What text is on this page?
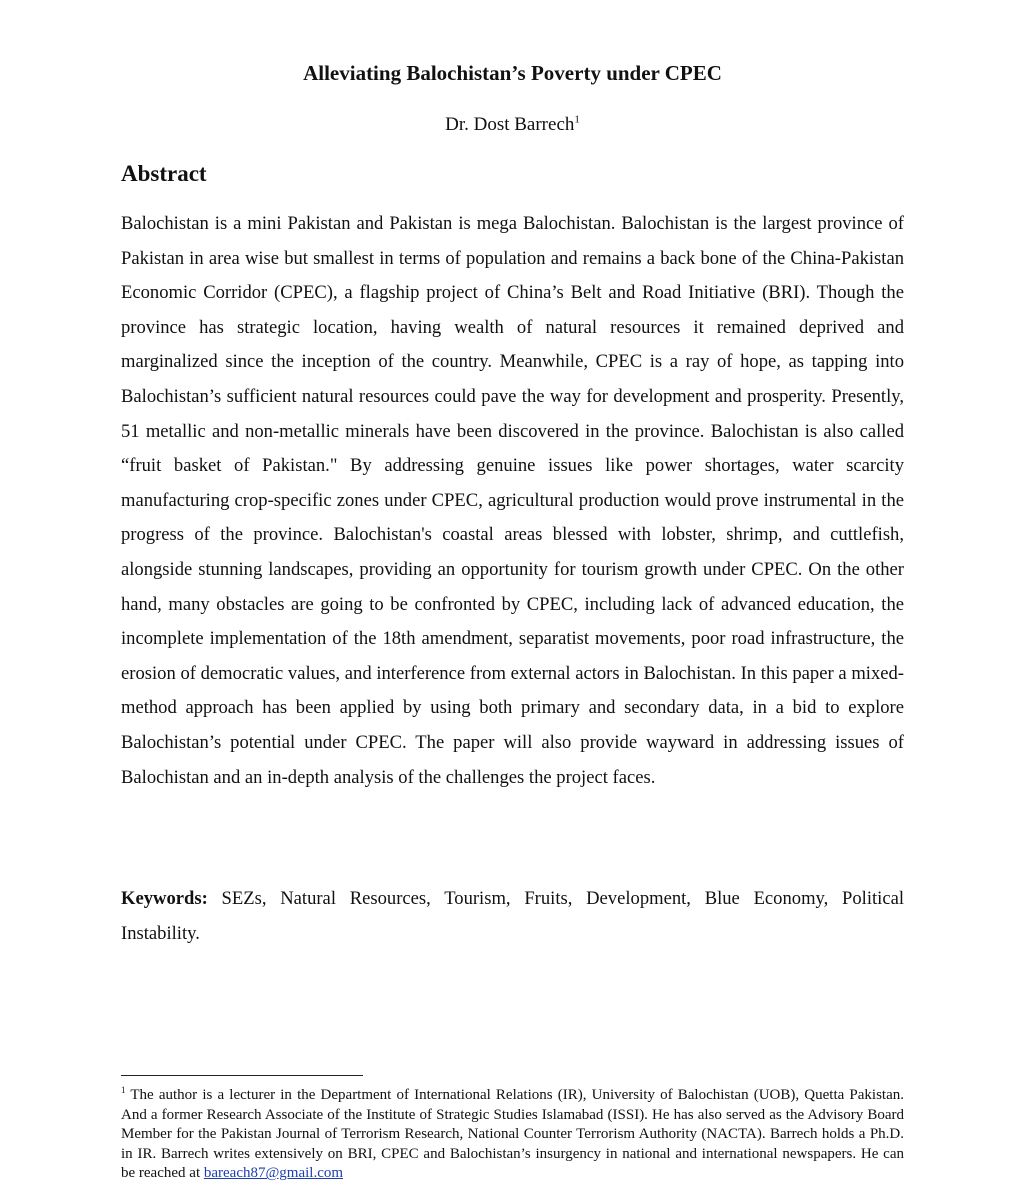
Alleviating Balochistan’s Poverty under CPEC
Dr. Dost Barrech$^1$
Abstract

Balochistan is a mini Pakistan and Pakistan is mega Balochistan. Balochistan is the largest province of Pakistan in area wise but smallest in terms of population and remains a back bone of the China-Pakistan Economic Corridor (CPEC), a flagship project of China’s Belt and Road Initiative (BRI). Though the province has strategic location, having wealth of natural resources it remained deprived and marginalized since the inception of the country. Meanwhile, CPEC is a ray of hope, as tapping into Balochistan’s sufficient natural resources could pave the way for development and prosperity. Presently, 51 metallic and non-metallic minerals have been discovered in the province. Balochistan is also called “fruit basket of Pakistan." By addressing genuine issues like power shortages, water scarcity manufacturing crop-specific zones under CPEC, agricultural production would prove instrumental in the progress of the province. Balochistan's coastal areas blessed with lobster, shrimp, and cuttlefish, alongside stunning landscapes, providing an opportunity for tourism growth under CPEC. On the other hand, many obstacles are going to be confronted by CPEC, including lack of advanced education, the incomplete implementation of the 18th amendment, separatist movements, poor road infrastructure, the erosion of democratic values, and interference from external actors in Balochistan. In this paper a mixed-method approach has been applied by using both primary and secondary data, in a bid to explore Balochistan’s potential under CPEC. The paper will also provide wayward in addressing issues of Balochistan and an in-depth analysis of the challenges the project faces.

Keywords: SEZs, Natural Resources, Tourism, Fruits, Development, Blue Economy, Political Instability.

$^1$ The author is a lecturer in the Department of International Relations (IR), University of Balochistan (UOB), Quetta Pakistan. And a former Research Associate of the Institute of Strategic Studies Islamabad (ISSI). He has also served as the Advisory Board Member for the Pakistan Journal of Terrorism Research, National Counter Terrorism Authority (NACTA). Barrech holds a Ph.D. in IR. Barrech writes extensively on BRI, CPEC and Balochistan’s insurgency in national and international newspapers. He can be reached at bareach87@gmail.com
